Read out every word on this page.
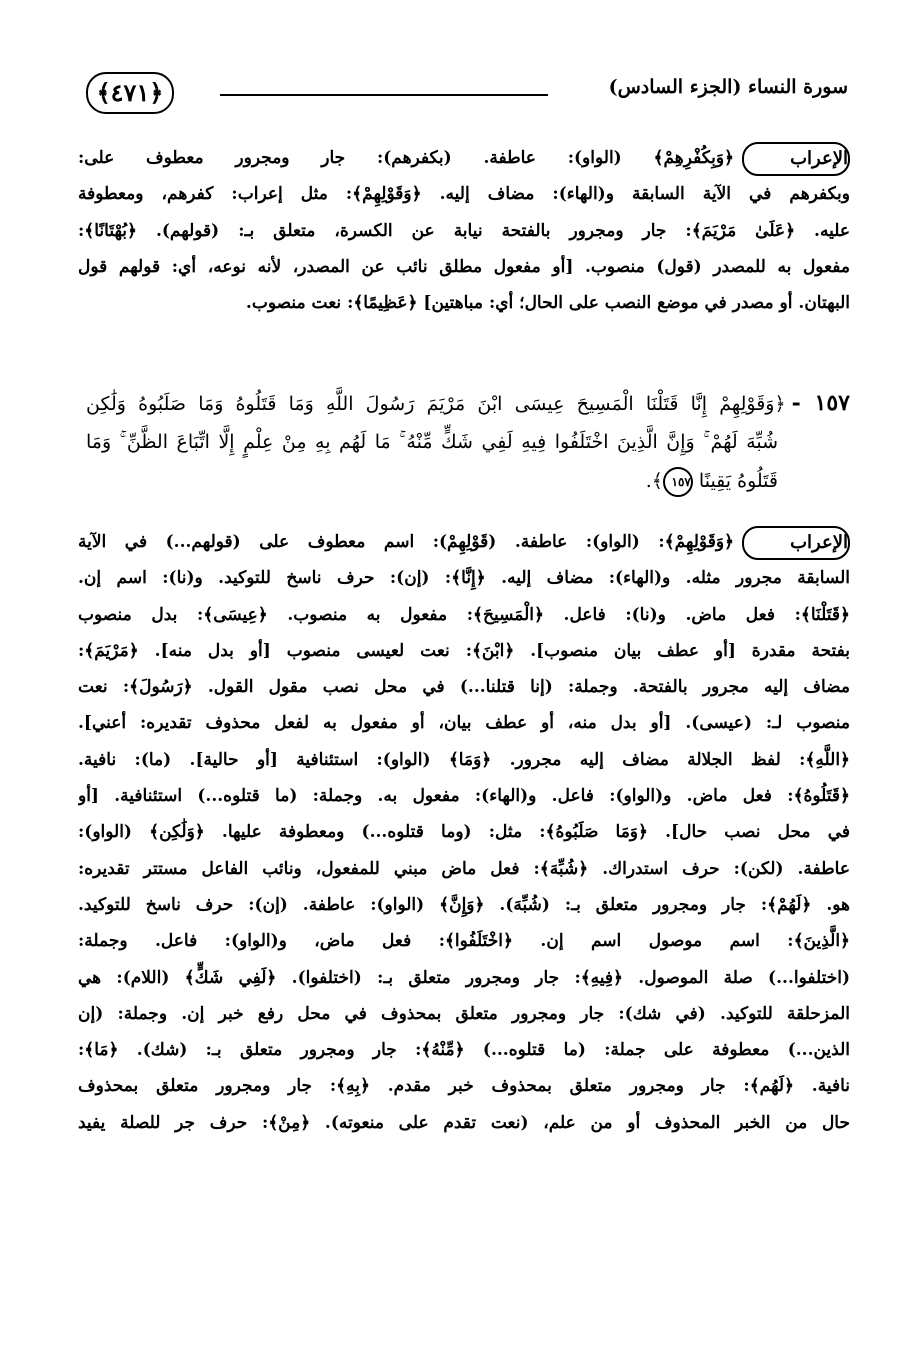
﴿٤٧١﴾	سورة النساء (الجزء السادس)
الإعراب
﴿وَبِكُفْرِهِمْ﴾ (الواو): عاطفة. (بكفرهم): جار ومجرور معطوف على:
وبكفرهم في الآية السابقة و(الهاء): مضاف إليه. ﴿وَقَوْلِهِمْ﴾: مثل إعراب: كفرهم، ومعطوفة
عليه. ﴿عَلَىٰ مَرْيَمَ﴾: جار ومجرور بالفتحة نيابة عن الكسرة، متعلق بـ: (قولهم). ﴿بُهْتَانًا﴾:
مفعول به للمصدر (قول) منصوب. [أو مفعول مطلق نائب عن المصدر، لأنه نوعه، أي: قولهم قول
البهتان. أو مصدر في موضع النصب على الحال؛ أي: مباهتين] ﴿عَظِيمًا﴾: نعت منصوب.
١٥٧ -﴿وَقَوْلِهِمْ إِنَّا قَتَلْنَا الْمَسِيحَ عِيسَى ابْنَ مَرْيَمَ رَسُولَ اللَّهِ وَمَا قَتَلُوهُ وَمَا صَلَبُوهُ وَلَٰكِن
شُبِّهَ لَهُمْ ۚ وَإِنَّ الَّذِينَ اخْتَلَفُوا فِيهِ لَفِي شَكٍّ مِّنْهُ ۚ مَا لَهُم بِهِ مِنْ عِلْمٍ إِلَّا اتِّبَاعَ الظَّنِّ ۚ وَمَا
قَتَلُوهُ يَقِينًا ١٥٧﴾.
الإعراب
﴿وَقَوْلِهِمْ﴾: (الواو): عاطفة. (قَوْلِهِمْ): اسم معطوف على (قولهم...) في الآية
السابقة مجرور مثله. و(الهاء): مضاف إليه. ﴿إِنَّا﴾: (إن): حرف ناسخ للتوكيد. و(نا): اسم إن.
﴿قَتَلْنَا﴾: فعل ماض. و(نا): فاعل. ﴿الْمَسِيحَ﴾: مفعول به منصوب. ﴿عِيسَى﴾: بدل منصوب
بفتحة مقدرة [أو عطف بيان منصوب]. ﴿ابْنَ﴾: نعت لعيسى منصوب [أو بدل منه]. ﴿مَرْيَمَ﴾:
مضاف إليه مجرور بالفتحة. وجملة: (إنا قتلنا...) في محل نصب مقول القول. ﴿رَسُولَ﴾: نعت
منصوب لـ: (عيسى). [أو بدل منه، أو عطف بيان، أو مفعول به لفعل محذوف تقديره: أعني].
﴿اللَّهِ﴾: لفظ الجلالة مضاف إليه مجرور. ﴿وَمَا﴾ (الواو): استئنافية [أو حالية]. (ما): نافية.
﴿قَتَلُوهُ﴾: فعل ماض. و(الواو): فاعل. و(الهاء): مفعول به. وجملة: (ما قتلوه...) استئنافية. [أو
في محل نصب حال]. ﴿وَمَا صَلَبُوهُ﴾: مثل: (وما قتلوه...) ومعطوفة عليها. ﴿وَلَٰكِن﴾ (الواو):
عاطفة. (لكن): حرف استدراك. ﴿شُبِّهَ﴾: فعل ماض مبني للمفعول، ونائب الفاعل مستتر تقديره:
هو. ﴿لَهُمْ﴾: جار ومجرور متعلق بـ: (شُبِّهَ). ﴿وَإِنَّ﴾ (الواو): عاطفة. (إن): حرف ناسخ للتوكيد.
﴿الَّذِينَ﴾: اسم موصول اسم إن. ﴿اخْتَلَفُوا﴾: فعل ماض، و(الواو): فاعل. وجملة:
(اختلفوا...) صلة الموصول. ﴿فِيهِ﴾: جار ومجرور متعلق بـ: (اختلفوا). ﴿لَفِي شَكٍّ﴾ (اللام): هي
المزحلقة للتوكيد. (في شك): جار ومجرور متعلق بمحذوف في محل رفع خبر إن. وجملة: (إن
الذين...) معطوفة على جملة: (ما قتلوه...) ﴿مِّنْهُ﴾: جار ومجرور متعلق بـ: (شك). ﴿مَا﴾:
نافية. ﴿لَهُم﴾: جار ومجرور متعلق بمحذوف خبر مقدم. ﴿بِهِ﴾: جار ومجرور متعلق بمحذوف
حال من الخبر المحذوف أو من علم، (نعت تقدم على منعوته). ﴿مِنْ﴾: حرف جر للصلة يفيد
